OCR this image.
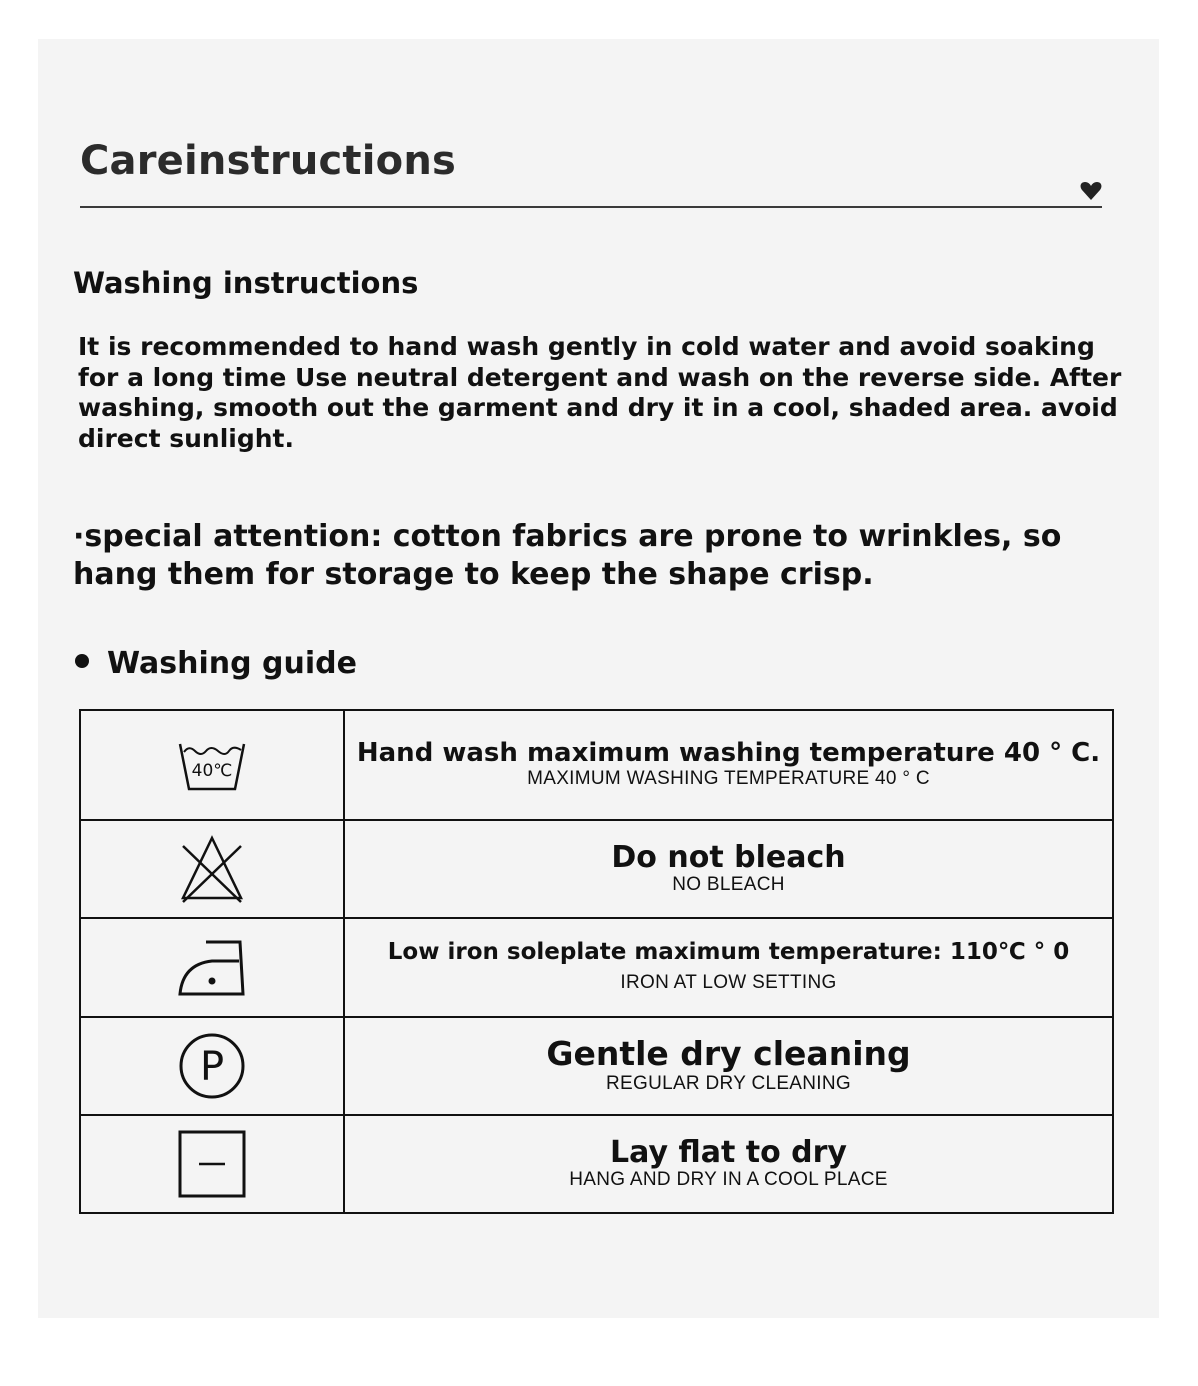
Careinstructions
Washing instructions
It is recommended to hand wash gently in cold water and avoid soaking for a long time Use neutral detergent and wash on the reverse side. After washing, smooth out the garment and dry it in a cool, shaded area. avoid direct sunlight.
·special attention: cotton fabrics are prone to wrinkles, so hang them for storage to keep the shape crisp.
Washing guide
40℃	Hand wash maximum washing temperature 40 ° C.
MAXIMUM WASHING TEMPERATURE 40 ° C

Do not bleach
NO BLEACH

Low iron soleplate maximum temperature: 110℃ ° 0
IRON AT LOW SETTING

P	Gentle dry cleaning
REGULAR DRY CLEANING

Lay flat to dry
HANG AND DRY IN A COOL PLACE
